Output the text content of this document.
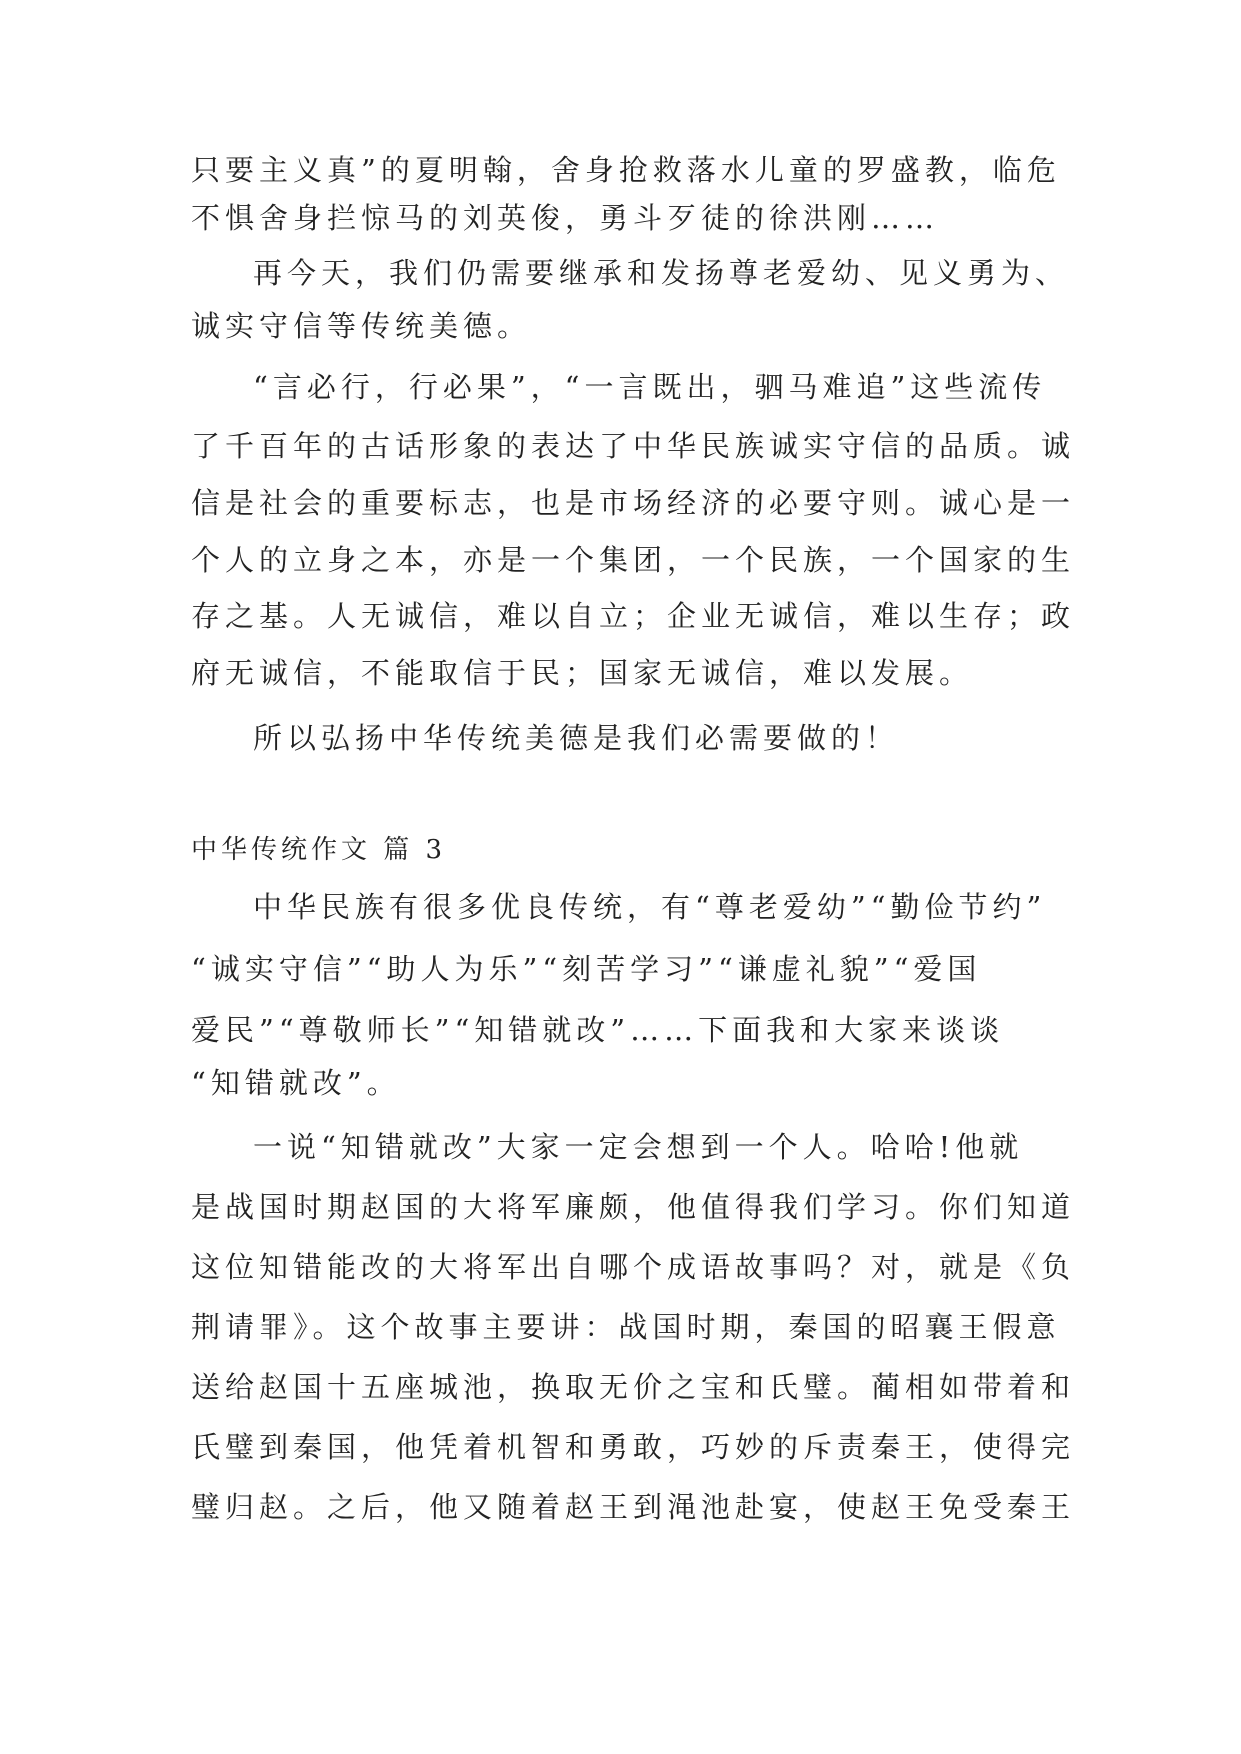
只要主义真”的夏明翰，舍身抢救落水儿童的罗盛教，临危
不惧舍身拦惊马的刘英俊，勇斗歹徒的徐洪刚……
再今天，我们仍需要继承和发扬尊老爱幼、见义勇为、
诚实守信等传统美德。
“言必行，行必果”，“一言既出，驷马难追”这些流传
了千百年的古话形象的表达了中华民族诚实守信的品质。诚
信是社会的重要标志，也是市场经济的必要守则。诚心是一
个人的立身之本，亦是一个集团，一个民族，一个国家的生
存之基。人无诚信，难以自立；企业无诚信，难以生存；政
府无诚信，不能取信于民；国家无诚信，难以发展。
所以弘扬中华传统美德是我们必需要做的！
中华传统作文 篇 3
中华民族有很多优良传统，有“尊老爱幼”“勤俭节约”
“诚实守信”“助人为乐”“刻苦学习”“谦虚礼貌”“爱国
爱民”“尊敬师长”“知错就改”……下面我和大家来谈谈
“知错就改”。
一说“知错就改”大家一定会想到一个人。哈哈!他就
是战国时期赵国的大将军廉颇，他值得我们学习。你们知道
这位知错能改的大将军出自哪个成语故事吗？对，就是《负
荆请罪》。这个故事主要讲：战国时期，秦国的昭襄王假意
送给赵国十五座城池，换取无价之宝和氏璧。蔺相如带着和
氏璧到秦国，他凭着机智和勇敢，巧妙的斥责秦王，使得完
璧归赵。之后，他又随着赵王到渑池赴宴，使赵王免受秦王
